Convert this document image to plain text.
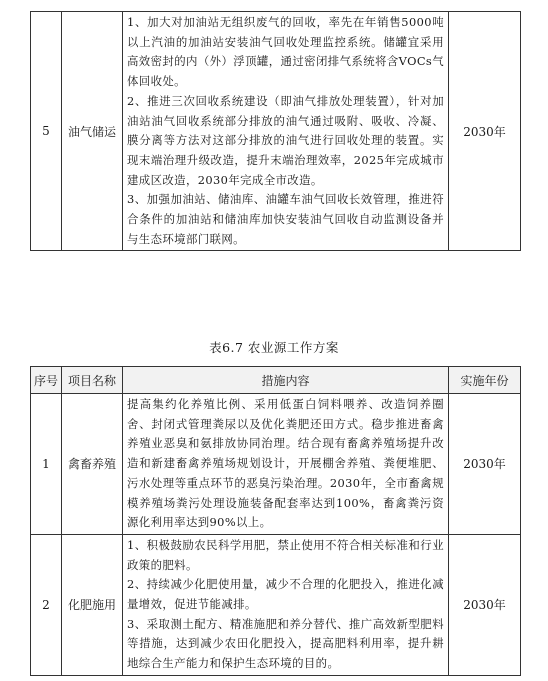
5	油气储运	
1、加大对加油站无组织废气的回收，率先在年销售5000吨以上汽油的加油站安装油气回收处理监控系统。储罐宜采用高效密封的内（外）浮顶罐，通过密闭排气系统将含VOCs气体回收处。
2、推进三次回收系统建设（即油气排放处理装置），针对加油站油气回收系统部分排放的油气通过吸附、吸收、冷凝、膜分离等方法对这部分排放的油气进行回收处理的装置。实现末端治理升级改造，提升末端治理效率，2025年完成城市建成区改造，2030年完成全市改造。
3、加强加油站、储油库、油罐车油气回收长效管理，推进符合条件的加油站和储油库加快安装油气回收自动监测设备并与生态环境部门联网。
	2030年
表6.7 农业源工作方案
序号	项目名称	措施内容	实施年份
1	禽畜养殖	提高集约化养殖比例、采用低蛋白饲料喂养、改造饲养圈舍、封闭式管理粪尿以及优化粪肥还田方式。稳步推进畜禽养殖业恶臭和氨排放协同治理。结合现有畜禽养殖场提升改造和新建畜禽养殖场规划设计，开展棚舍养殖、粪便堆肥、污水处理等重点环节的恶臭污染治理。2030年，全市畜禽规模养殖场粪污处理设施装备配套率达到100%，畜禽粪污资源化利用率达到90%以上。	2030年
2	化肥施用	1、积极鼓励农民科学用肥，禁止使用不符合相关标准和行业政策的肥料。
2、持续减少化肥使用量，减少不合理的化肥投入，推进化减量增效，促进节能减排。
3、采取测土配方、精准施肥和养分替代、推广高效新型肥料等措施，达到减少农田化肥投入，提高肥料利用率，提升耕地综合生产能力和保护生态环境的目的。	2030年
